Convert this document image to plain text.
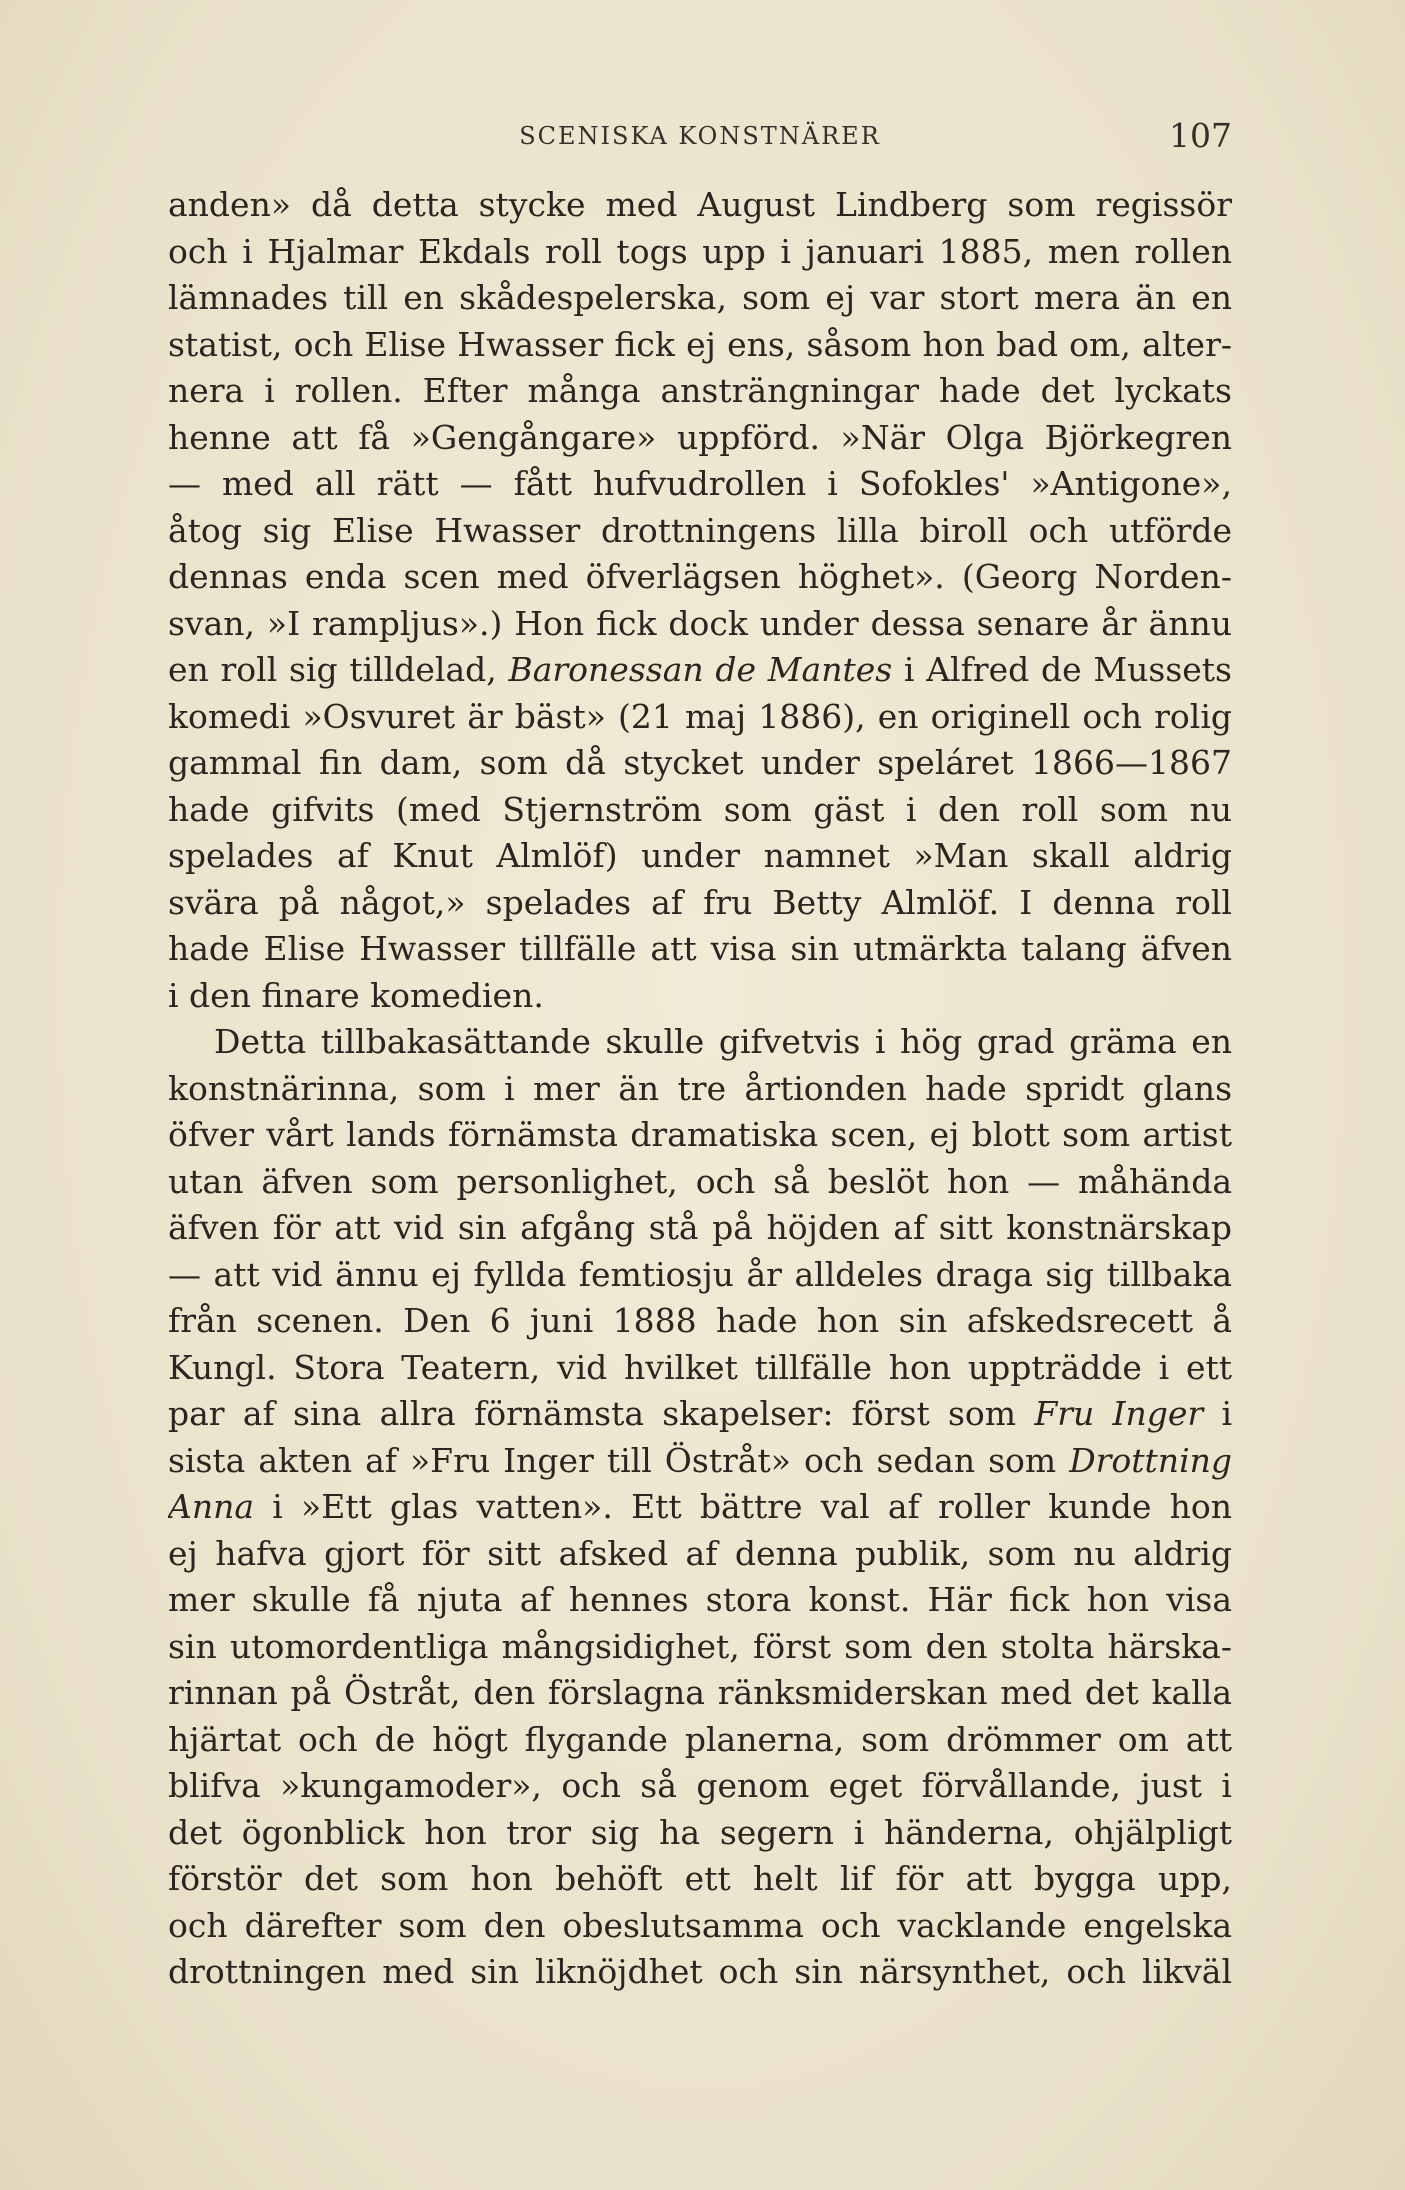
SCENISKA KONSTNÄRER	107
anden» då detta stycke med August Lindberg som regissör
och i Hjalmar Ekdals roll togs upp i januari 1885, men rollen
lämnades till en skådespelerska, som ej var stort mera än en
statist, och Elise Hwasser fick ej ens, såsom hon bad om, alter-
nera i rollen. Efter många ansträngningar hade det lyckats
henne att få »Gengångare» uppförd. »När Olga Björkegren
— med all rätt — fått hufvudrollen i Sofokles' »Antigone»,
åtog sig Elise Hwasser drottningens lilla biroll och utförde
dennas enda scen med öfverlägsen höghet». (Georg Norden-
svan, »I rampljus».) Hon fick dock under dessa senare år ännu
en roll sig tilldelad, Baronessan de Mantes i Alfred de Mussets
komedi »Osvuret är bäst» (21 maj 1886), en originell och rolig
gammal fin dam, som då stycket under speláret 1866—1867
hade gifvits (med Stjernström som gäst i den roll som nu
spelades af Knut Almlöf) under namnet »Man skall aldrig
svära på något,» spelades af fru Betty Almlöf. I denna roll
hade Elise Hwasser tillfälle att visa sin utmärkta talang äfven
i den finare komedien.
Detta tillbakasättande skulle gifvetvis i hög grad gräma en
konstnärinna, som i mer än tre årtionden hade spridt glans
öfver vårt lands förnämsta dramatiska scen, ej blott som artist
utan äfven som personlighet, och så beslöt hon — måhända
äfven för att vid sin afgång stå på höjden af sitt konstnärskap
— att vid ännu ej fyllda femtiosju år alldeles draga sig tillbaka
från scenen. Den 6 juni 1888 hade hon sin afskedsrecett å
Kungl. Stora Teatern, vid hvilket tillfälle hon uppträdde i ett
par af sina allra förnämsta skapelser: först som Fru Inger i
sista akten af »Fru Inger till Östråt» och sedan som Drottning
Anna i »Ett glas vatten». Ett bättre val af roller kunde hon
ej hafva gjort för sitt afsked af denna publik, som nu aldrig
mer skulle få njuta af hennes stora konst. Här fick hon visa
sin utomordentliga mångsidighet, först som den stolta härska-
rinnan på Östråt, den förslagna ränksmiderskan med det kalla
hjärtat och de högt flygande planerna, som drömmer om att
blifva »kungamoder», och så genom eget förvållande, just i
det ögonblick hon tror sig ha segern i händerna, ohjälpligt
förstör det som hon behöft ett helt lif för att bygga upp,
och därefter som den obeslutsamma och vacklande engelska
drottningen med sin liknöjdhet och sin närsynthet, och likväl
